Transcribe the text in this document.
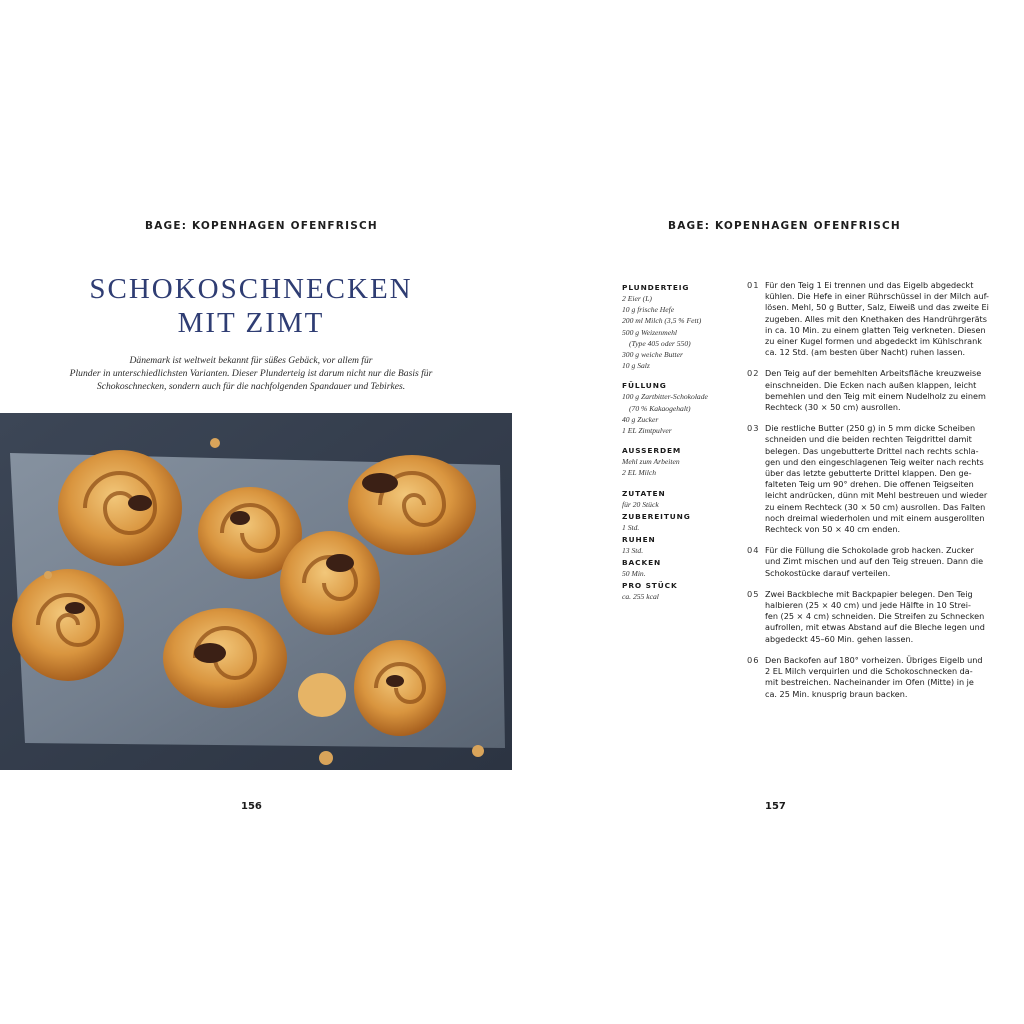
BAGE: KOPENHAGEN OFENFRISCH
SCHOKOSCHNECKEN
MIT ZIMT

Dänemark ist weltweit bekannt für süßes Gebäck, vor allem für
Plunder in unterschiedlichsten Varianten. Dieser Plunderteig ist darum nicht nur die Basis für
Schokoschnecken, sondern auch für die nachfolgenden Spandauer und Tebirkes.

156
BAGE: KOPENHAGEN OFENFRISCH
PLUNDERTEIG
2 Eier (L)
10 g frische Hefe
200 ml Milch (3,5 % Fett)
500 g Weizenmehl
(Type 405 oder 550)
300 g weiche Butter
10 g Salz
FÜLLUNG
100 g Zartbitter-Schokolade
(70 % Kakaogehalt)
40 g Zucker
1 EL Zimtpulver
AUSSERDEM
Mehl zum Arbeiten
2 EL Milch
ZUTATEN
für 20 Stück
ZUBEREITUNG
1 Std.
RUHEN
13 Std.
BACKEN
50 Min.
PRO STÜCK
ca. 255 kcal
01 Für den Teig 1 Ei trennen und das Eigelb abgedeckt
kühlen. Die Hefe in einer Rührschüssel in der Milch auf-
lösen. Mehl, 50 g Butter, Salz, Eiweiß und das zweite Ei
zugeben. Alles mit den Knethaken des Handrührgeräts
in ca. 10 Min. zu einem glatten Teig verkneten. Diesen
zu einer Kugel formen und abgedeckt im Kühlschrank
ca. 12 Std. (am besten über Nacht) ruhen lassen.
02 Den Teig auf der bemehlten Arbeitsfläche kreuzweise
einschneiden. Die Ecken nach außen klappen, leicht
bemehlen und den Teig mit einem Nudelholz zu einem
Rechteck (30 × 50 cm) ausrollen.
03 Die restliche Butter (250 g) in 5 mm dicke Scheiben
schneiden und die beiden rechten Teigdrittel damit
belegen. Das ungebutterte Drittel nach rechts schla-
gen und den eingeschlagenen Teig weiter nach rechts
über das letzte gebutterte Drittel klappen. Den ge-
falteten Teig um 90° drehen. Die offenen Teigseiten
leicht andrücken, dünn mit Mehl bestreuen und wieder
zu einem Rechteck (30 × 50 cm) ausrollen. Das Falten
noch dreimal wiederholen und mit einem ausgerollten
Rechteck von 50 × 40 cm enden.
04 Für die Füllung die Schokolade grob hacken. Zucker
und Zimt mischen und auf den Teig streuen. Dann die
Schokostücke darauf verteilen.
05 Zwei Backbleche mit Backpapier belegen. Den Teig
halbieren (25 × 40 cm) und jede Hälfte in 10 Strei-
fen (25 × 4 cm) schneiden. Die Streifen zu Schnecken
aufrollen, mit etwas Abstand auf die Bleche legen und
abgedeckt 45–60 Min. gehen lassen.
06 Den Backofen auf 180° vorheizen. Übriges Eigelb und
2 EL Milch verquirlen und die Schokoschnecken da-
mit bestreichen. Nacheinander im Ofen (Mitte) in je
ca. 25 Min. knusprig braun backen.
157
